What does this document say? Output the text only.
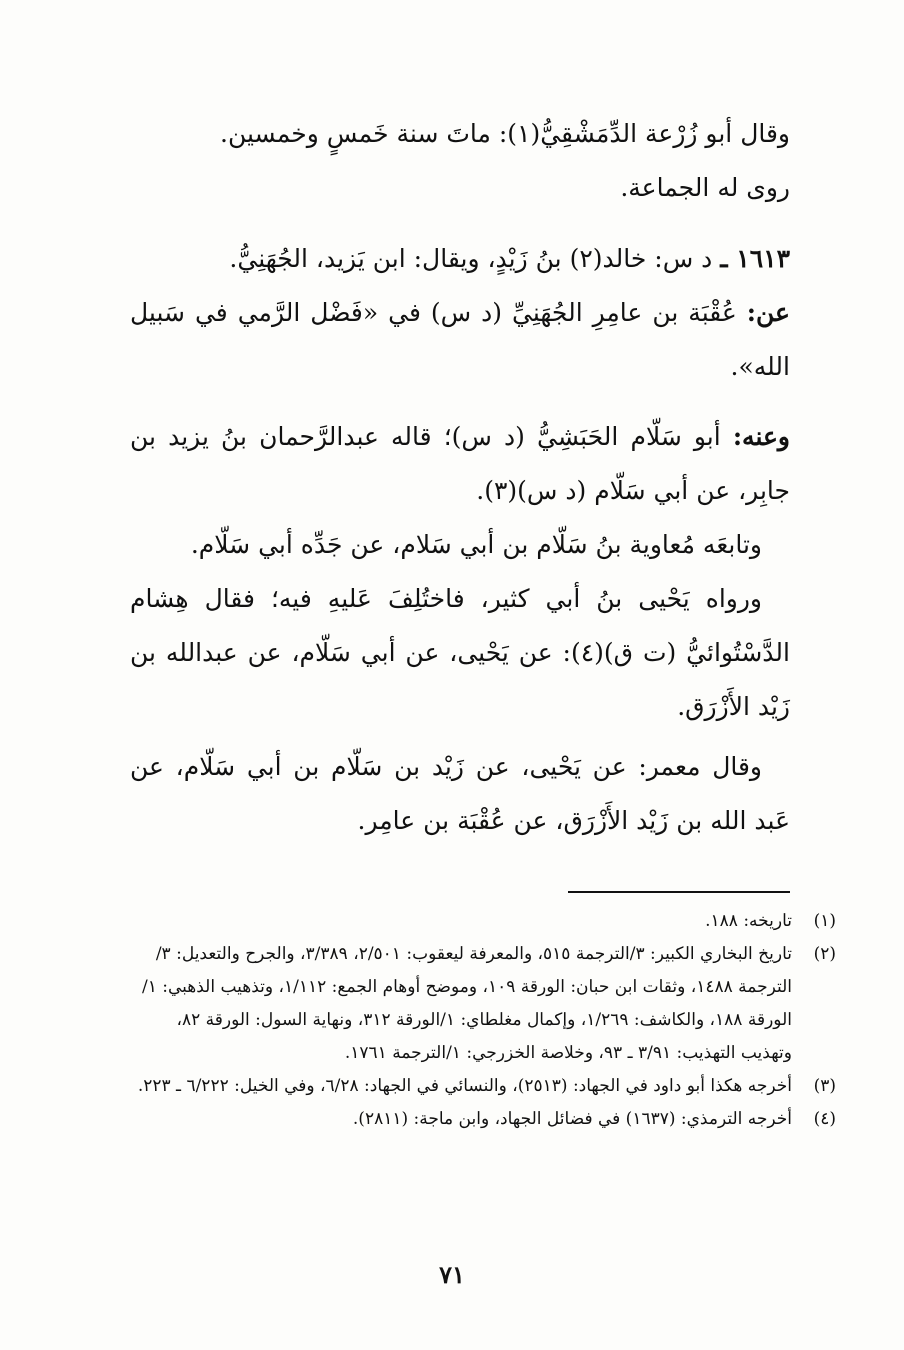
وقال أبو زُرْعة الدِّمَشْقِيُّ(١): ماتَ سنة خَمسٍ وخمسين.

روى له الجماعة.

١٦١٣ ـ د س: خالد(٢) بنُ زَيْدٍ، ويقال: ابن يَزيد، الجُهَنِيُّ.

عن: عُقْبَة بن عامِرِ الجُهَنِيِّ (د س) في «فَضْل الرَّمي في سَبيل الله».

وعنه: أبو سَلّام الحَبَشِيُّ (د س)؛ قاله عبدالرَّحمان بنُ يزيد بن جابِر، عن أبي سَلّام (د س)(٣).

وتابعَه مُعاوية بنُ سَلّام بن أبي سَلام، عن جَدِّه أبي سَلّام.

ورواه يَحْيى بنُ أبي كثير، فاختُلِفَ عَليهِ فيه؛ فقال هِشام الدَّسْتُوائيُّ (ت ق)(٤): عن يَحْيى، عن أبي سَلّام، عن عبدالله بن زَيْد الأَزْرَق.

وقال معمر: عن يَحْيى، عن زَيْد بن سَلّام بن أبي سَلّام، عن عَبد الله بن زَيْد الأَزْرَق، عن عُقْبَة بن عامِر.

(١)
تاريخه: ١٨٨.
(٢)
تاريخ البخاري الكبير: ٣/الترجمة ٥١٥، والمعرفة ليعقوب: ٢/٥٠١، ٣/٣٨٩، والجرح والتعديل: ٣/الترجمة ١٤٨٨، وثقات ابن حبان: الورقة ١٠٩، وموضح أوهام الجمع: ١/١١٢، وتذهيب الذهبي: ١/الورقة ١٨٨، والكاشف: ١/٢٦٩، وإكمال مغلطاي: ١/الورقة ٣١٢، ونهاية السول: الورقة ٨٢، وتهذيب التهذيب: ٣/٩١ ـ ٩٣، وخلاصة الخزرجي: ١/الترجمة ١٧٦١.
(٣)
أخرجه هكذا أبو داود في الجهاد: (٢٥١٣)، والنسائي في الجهاد: ٦/٢٨، وفي الخيل: ٦/٢٢٢ ـ ٢٢٣.
(٤)
أخرجه الترمذي: (١٦٣٧) في فضائل الجهاد، وابن ماجة: (٢٨١١).
٧١
